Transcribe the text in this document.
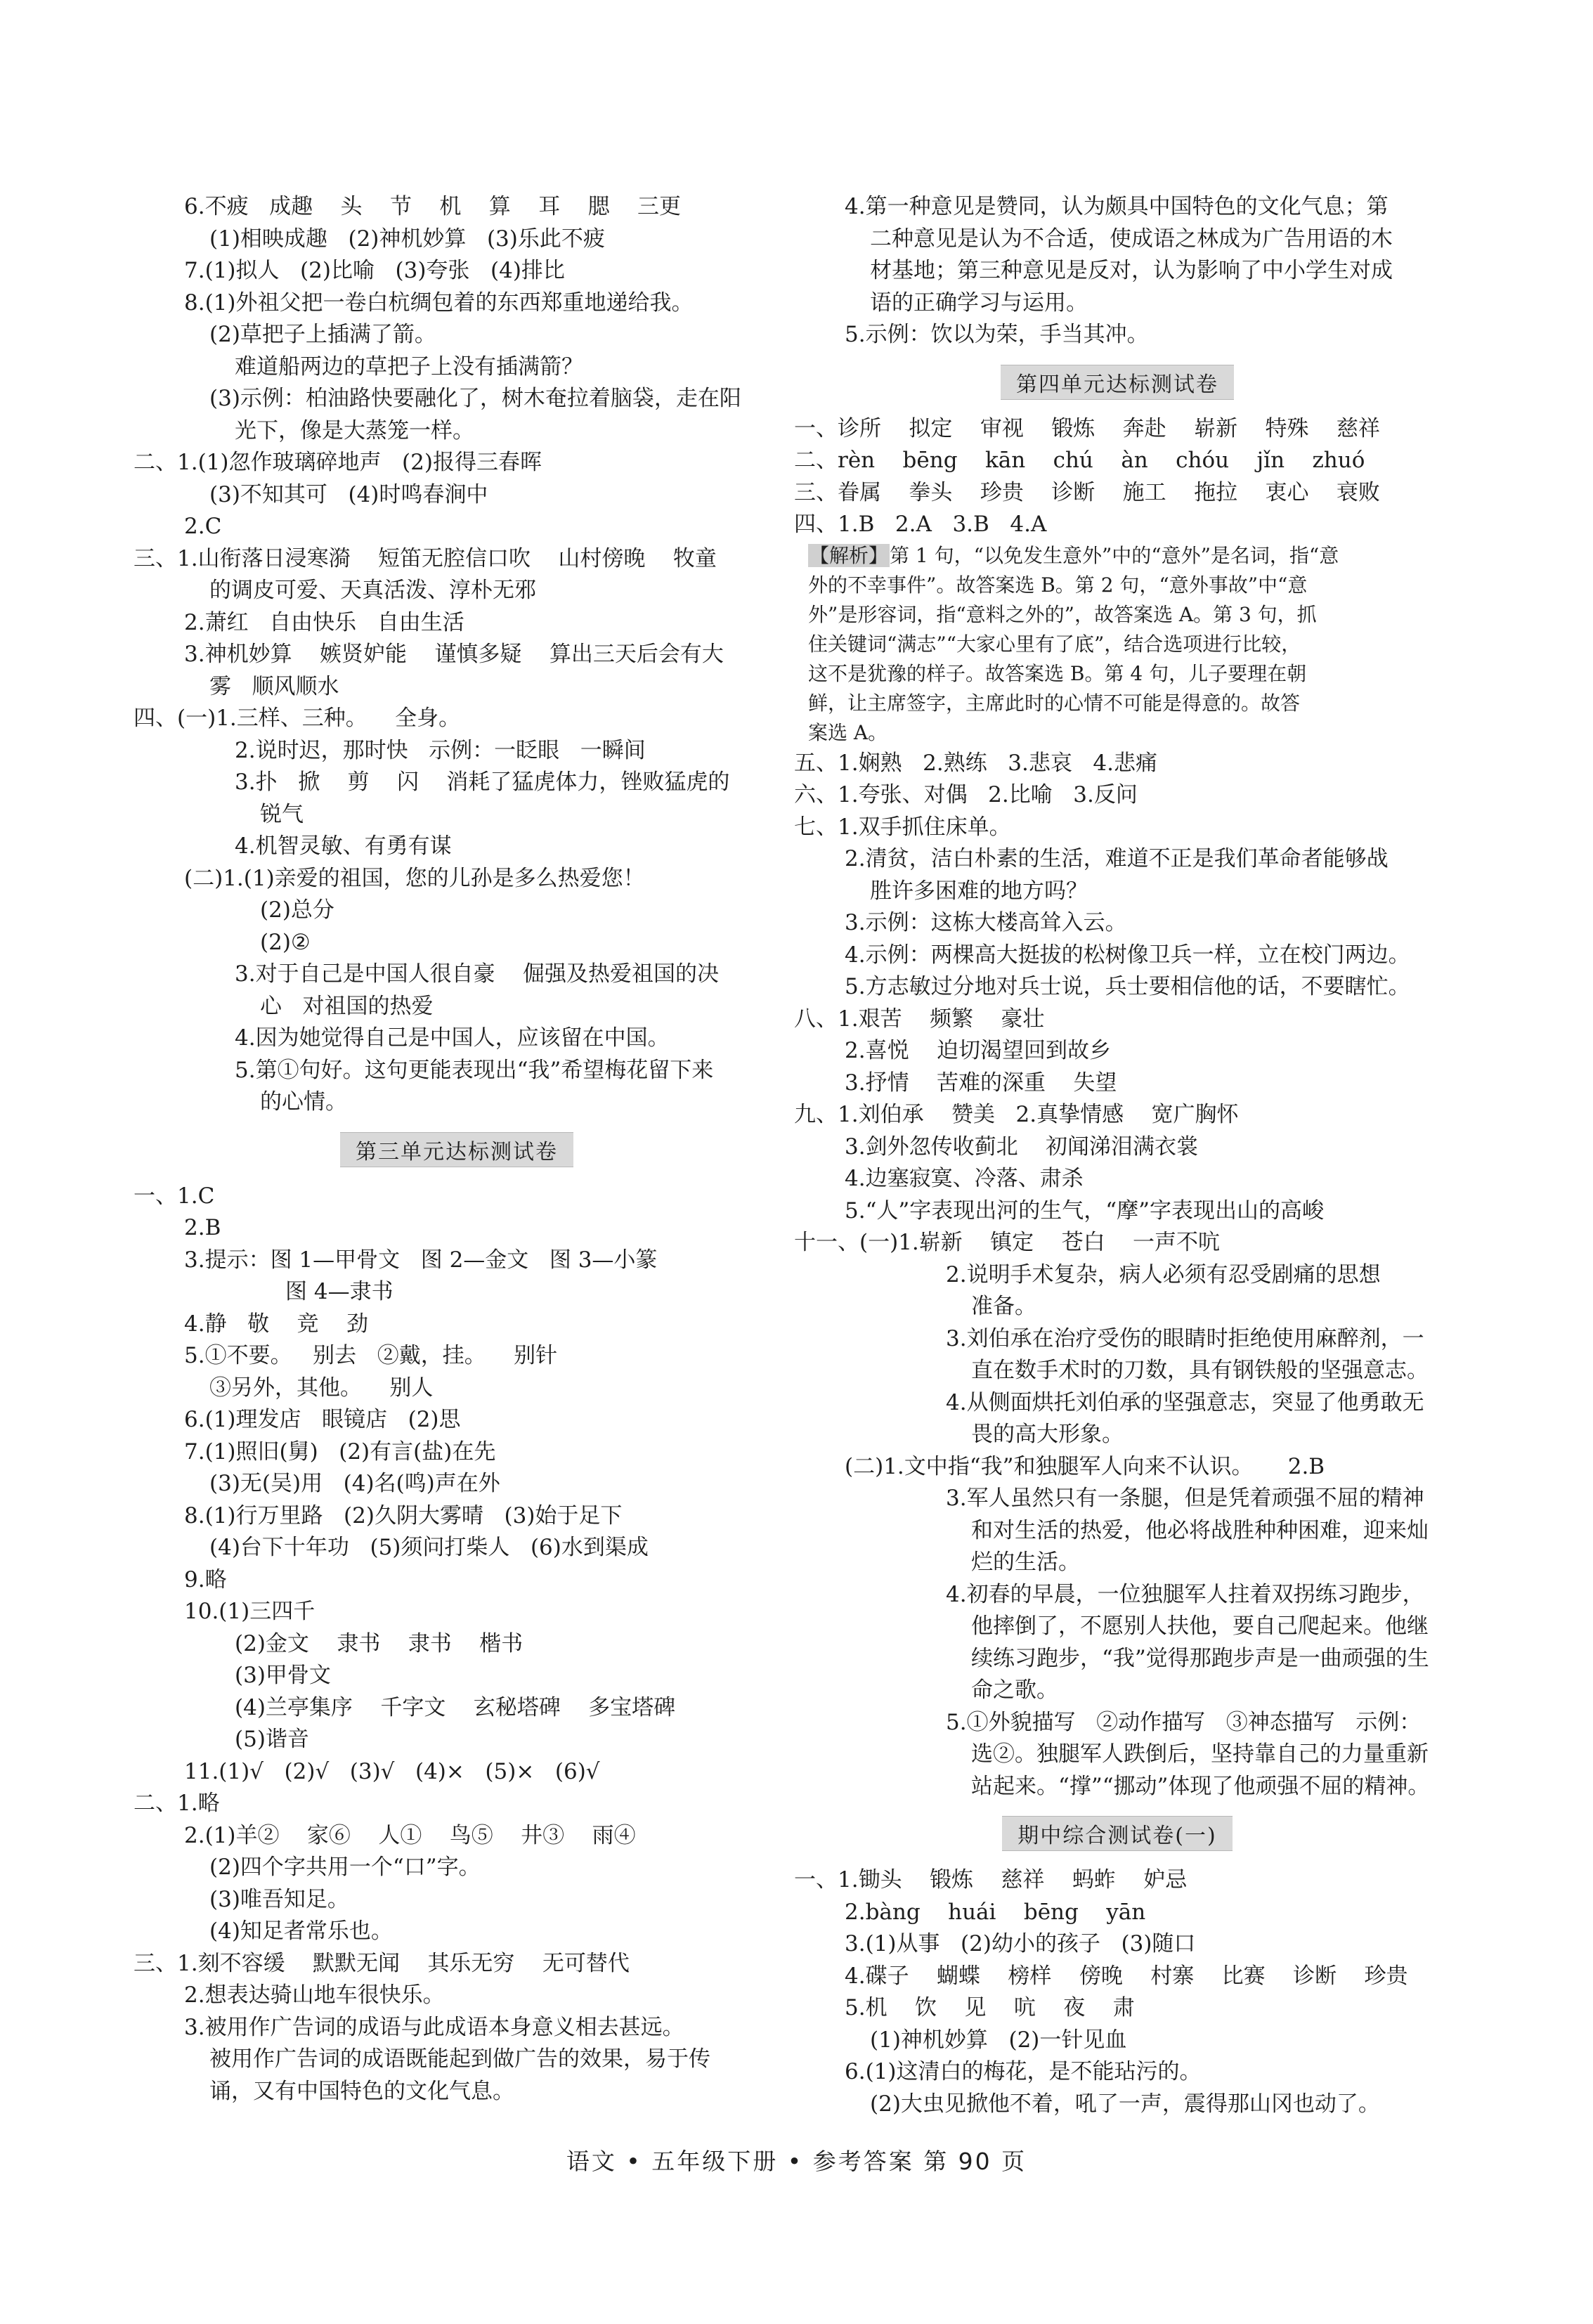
6.不疲   成趣    头    节    机    算    耳    腮    三更
(1)相映成趣   (2)神机妙算   (3)乐此不疲
7.(1)拟人   (2)比喻   (3)夸张   (4)排比
8.(1)外祖父把一卷白杭绸包着的东西郑重地递给我。
(2)草把子上插满了箭。
难道船两边的草把子上没有插满箭？
(3)示例：柏油路快要融化了，树木奄拉着脑袋，走在阳
光下，像是大蒸笼一样。
二、1.(1)忽作玻璃碎地声   (2)报得三春晖
(3)不知其可   (4)时鸣春涧中
2.C
三、1.山衔落日浸寒漪    短笛无腔信口吹    山村傍晚    牧童
的调皮可爱、天真活泼、淳朴无邪
2.萧红   自由快乐   自由生活
3.神机妙算    嫉贤妒能    谨慎多疑    算出三天后会有大
雾   顺风顺水
四、(一)1.三样、三种。    全身。
2.说时迟，那时快   示例：一眨眼   一瞬间
3.扑   掀    剪    闪    消耗了猛虎体力，锉败猛虎的
锐气
4.机智灵敏、有勇有谋
(二)1.(1)亲爱的祖国，您的儿孙是多么热爱您！
(2)总分
(2)②
3.对于自己是中国人很自豪    倔强及热爱祖国的决
心   对祖国的热爱
4.因为她觉得自己是中国人，应该留在中国。
5.第①句好。这句更能表现出“我”希望梅花留下来
的心情。
第三单元达标测试卷
一、1.C
2.B
3.提示：图 1—甲骨文   图 2—金文   图 3—小篆
图 4—隶书
4.静   敬    竞    劲
5.①不要。   别去   ②戴，挂。    别针
③另外，其他。    别人
6.(1)理发店   眼镜店   (2)思
7.(1)照旧(舅)   (2)有言(盐)在先
(3)无(吴)用   (4)名(鸣)声在外
8.(1)行万里路   (2)久阴大雾晴   (3)始于足下
(4)台下十年功   (5)须问打柴人   (6)水到渠成
9.略
10.(1)三四千
(2)金文    隶书    隶书    楷书
(3)甲骨文
(4)兰亭集序    千字文    玄秘塔碑    多宝塔碑
(5)谐音
11.(1)√   (2)√   (3)√   (4)×   (5)×   (6)√
二、1.略
2.(1)羊②    家⑥    人①    鸟⑤    井③    雨④
(2)四个字共用一个“口”字。
(3)唯吾知足。
(4)知足者常乐也。
三、1.刻不容缓    默默无闻    其乐无穷    无可替代
2.想表达骑山地车很快乐。
3.被用作广告词的成语与此成语本身意义相去甚远。
被用作广告词的成语既能起到做广告的效果，易于传
诵，又有中国特色的文化气息。
4.第一种意见是赞同，认为颇具中国特色的文化气息；第
二种意见是认为不合适，使成语之林成为广告用语的木
材基地；第三种意见是反对，认为影响了中小学生对成
语的正确学习与运用。
5.示例：饮以为荣，手当其冲。
第四单元达标测试卷
一、诊所    拟定    审视    锻炼    奔赴    崭新    特殊    慈祥
二、rèn    bēng    kān    chú    àn    chóu    jǐn    zhuó
三、眷属    拳头    珍贵    诊断    施工    拖拉    衷心    衰败
四、1.B   2.A   3.B   4.A
【解析】第 1 句，“以免发生意外”中的“意外”是名词，指“意
外的不幸事件”。故答案选 B。第 2 句，“意外事故”中“意
外”是形容词，指“意料之外的”，故答案选 A。第 3 句，抓
住关键词“满志”“大家心里有了底”，结合选项进行比较，
这不是犹豫的样子。故答案选 B。第 4 句，儿子要理在朝
鲜，让主席签字，主席此时的心情不可能是得意的。故答
案选 A。
五、1.娴熟   2.熟练   3.悲哀   4.悲痛
六、1.夸张、对偶   2.比喻   3.反问
七、1.双手抓住床单。
2.清贫，洁白朴素的生活，难道不正是我们革命者能够战
胜许多困难的地方吗？
3.示例：这栋大楼高耸入云。
4.示例：两棵高大挺拔的松树像卫兵一样，立在校门两边。
5.方志敏过分地对兵士说，兵士要相信他的话，不要瞎忙。
八、1.艰苦    频繁    豪壮
2.喜悦    迫切渴望回到故乡
3.抒情    苦难的深重    失望
九、1.刘伯承    赞美   2.真挚情感    宽广胸怀
3.剑外忽传收蓟北    初闻涕泪满衣裳
4.边塞寂寞、冷落、肃杀
5.“人”字表现出河的生气，“摩”字表现出山的高峻
十一、(一)1.崭新    镇定    苍白    一声不吭
2.说明手术复杂，病人必须有忍受剧痛的思想
准备。
3.刘伯承在治疗受伤的眼睛时拒绝使用麻醉剂，一
直在数手术时的刀数，具有钢铁般的坚强意志。
4.从侧面烘托刘伯承的坚强意志，突显了他勇敢无
畏的高大形象。
(二)1.文中指“我”和独腿军人向来不认识。     2.B
3.军人虽然只有一条腿，但是凭着顽强不屈的精神
和对生活的热爱，他必将战胜种种困难，迎来灿
烂的生活。
4.初春的早晨，一位独腿军人拄着双拐练习跑步，
他摔倒了，不愿别人扶他，要自己爬起来。他继
续练习跑步，“我”觉得那跑步声是一曲顽强的生
命之歌。
5.①外貌描写   ②动作描写   ③神态描写   示例：
选②。独腿军人跌倒后，坚持靠自己的力量重新
站起来。“撑”“挪动”体现了他顽强不屈的精神。
期中综合测试卷(一)
一、1.锄头    锻炼    慈祥    蚂蚱    妒忌
2.bàng    huái    bēng    yān
3.(1)从事   (2)幼小的孩子   (3)随口
4.碟子    蝴蝶    榜样    傍晚    村寨    比赛    诊断    珍贵
5.机    饮    见    吭    夜    肃
(1)神机妙算   (2)一针见血
6.(1)这清白的梅花，是不能玷污的。
(2)大虫见掀他不着，吼了一声，震得那山冈也动了。
语文 • 五年级下册 • 参考答案 第 90 页
